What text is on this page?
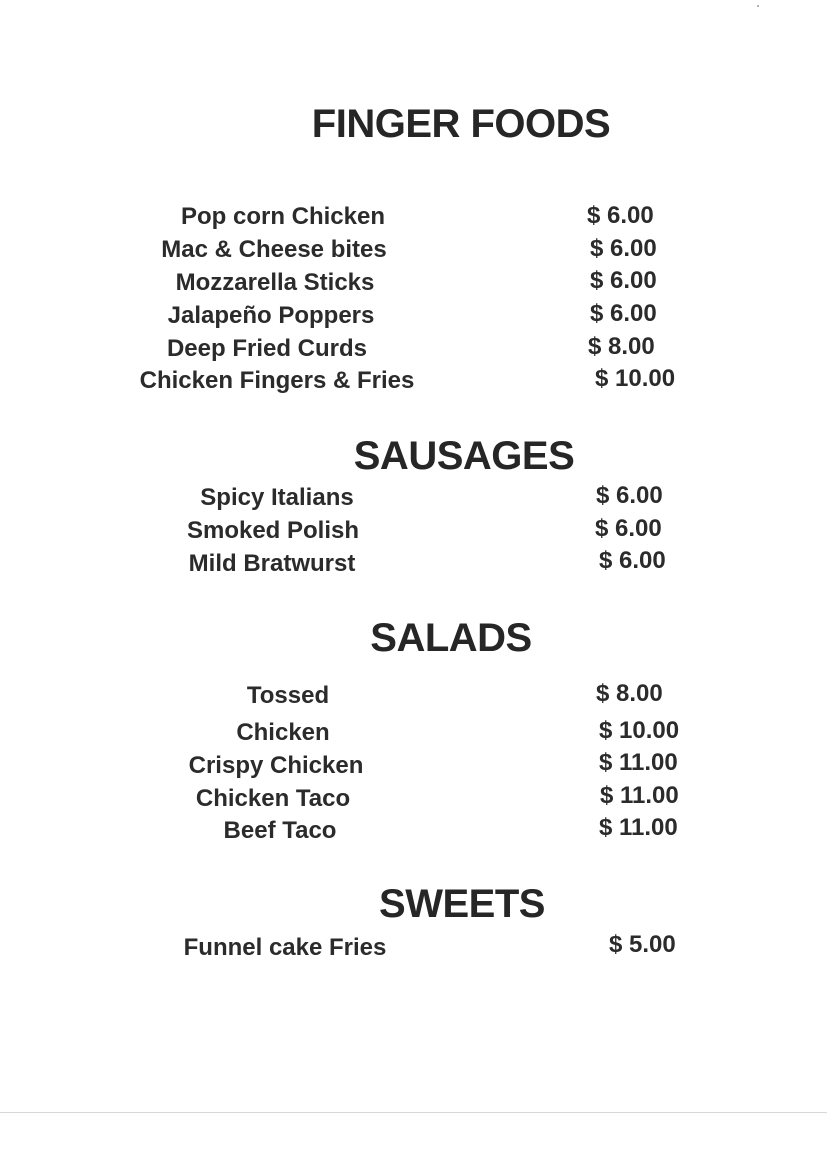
FINGER FOODS
Pop corn Chicken	$ 6.00
Mac & Cheese bites	$ 6.00
Mozzarella Sticks	$ 6.00
Jalapeño Poppers	$ 6.00
Deep Fried Curds	$ 8.00
Chicken Fingers & Fries	$ 10.00
SAUSAGES
Spicy Italians	$ 6.00
Smoked Polish	$ 6.00
Mild Bratwurst	$ 6.00
SALADS
Tossed	$ 8.00
Chicken	$ 10.00
Crispy Chicken	$ 11.00
Chicken Taco	$ 11.00
Beef Taco	$ 11.00
SWEETS
Funnel cake Fries	$ 5.00
